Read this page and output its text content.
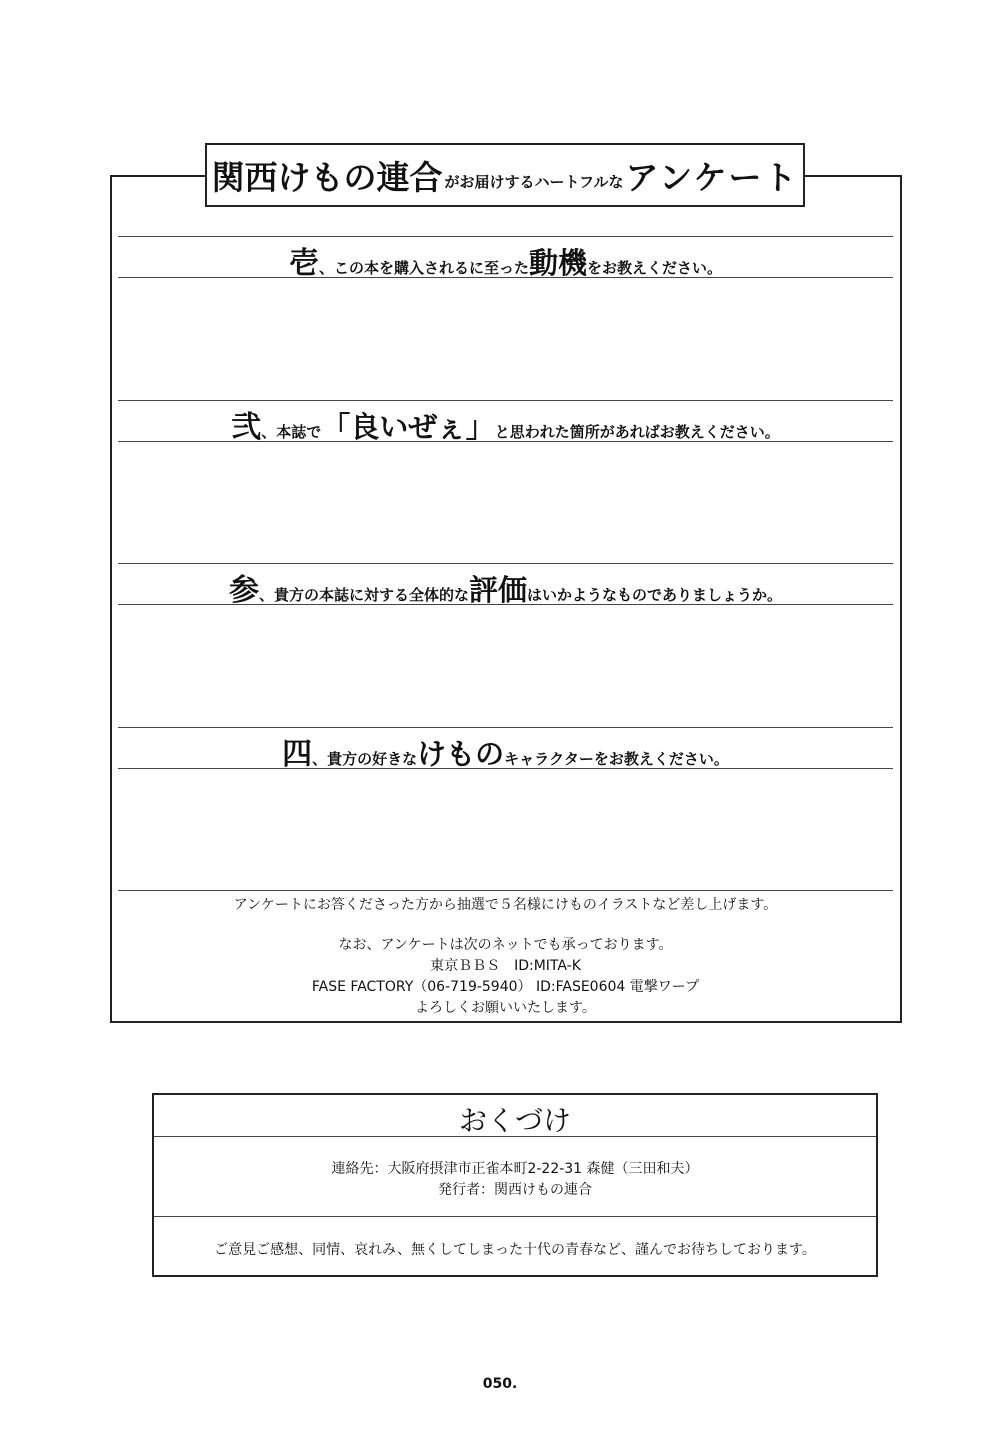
関西けもの連合 がお届けするハートフルな アンケート
壱、この本を購入されるに至った動機をお教えください。
弐、本誌で「良いぜぇ」と思われた箇所があればお教えください。
参、貴方の本誌に対する全体的な評価はいかようなものでありましょうか。
四、貴方の好きなけものキャラクターをお教えください。
アンケートにお答くださった方から抽選で５名様にけものイラストなど差し上げます。
なお、アンケートは次のネットでも承っております。
東京ＢＢＳ　ID:MITA-K
FASE FACTORY（06-719-5940） ID:FASE0604 電撃ワープ
よろしくお願いいたします。
おくづけ
連絡先：大阪府摂津市正雀本町2-22-31 森健（三田和夫）
発行者：関西けもの連合
ご意見ご感想、同情、哀れみ、無くしてしまった十代の青春など、謹んでお待ちしております。
050.
